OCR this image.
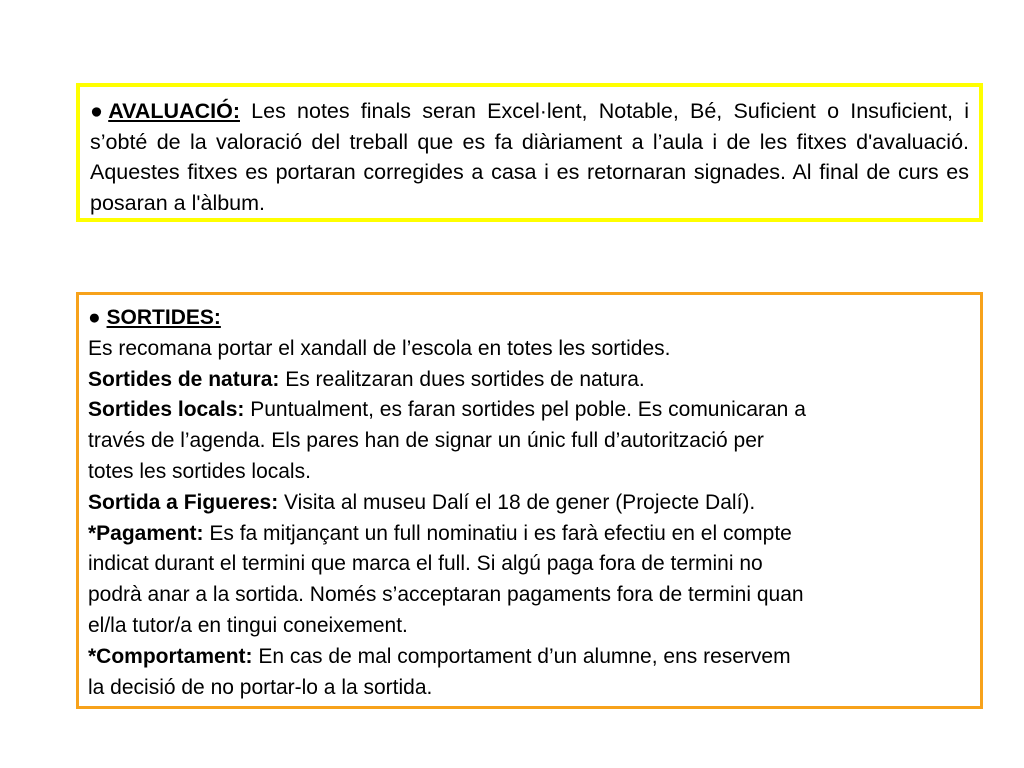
●AVALUACIÓ: Les notes finals seran Excel·lent, Notable, Bé, Suficient o Insuficient, i s’obté de la valoració del treball que es fa diàriament a l’aula i de les fitxes d'avaluació. Aquestes fitxes es portaran corregides a casa i es retornaran signades. Al final de curs es posaran a l'àlbum.
● SORTIDES:
Es recomana portar el xandall de l’escola en totes les sortides.
Sortides de natura: Es realitzaran dues sortides de natura.
Sortides locals: Puntualment, es faran sortides pel poble. Es comunicaran a
través de l’agenda. Els pares han de signar un únic full d’autorització per
totes les sortides locals.
Sortida a Figueres: Visita al museu Dalí el 18 de gener (Projecte Dalí).
*Pagament: Es fa mitjançant un full nominatiu i es farà efectiu en el compte
indicat durant el termini que marca el full. Si algú paga fora de termini no
podrà anar a la sortida. Només s’acceptaran pagaments fora de termini quan
el/la tutor/a en tingui coneixement.
*Comportament: En cas de mal comportament d’un alumne, ens reservem
la decisió de no portar-lo a la sortida.
